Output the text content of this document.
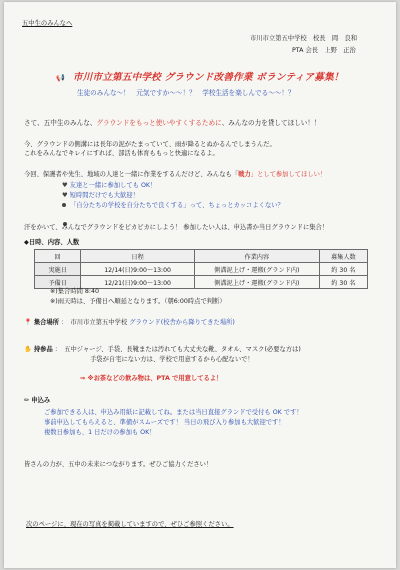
五中生のみんなへ
市川市立第五中学校　校長　岡　良和
PTA 会長　上野　正治
📢 市川市立第五中学校 グラウンド改善作業 ボランティア募集！
生徒のみんな～！　元気ですか～～！？　学校生活を楽しんでる～～！？
さて、五中生のみんな、グラウンドをもっと使いやすくするために、みんなの力を貸してほしい！！
今、グラウンドの側溝には長年の泥がたまっていて、雨が降るとぬかるんでしまうんだ。
これをみんなでキレイにすれば、部活も体育ももっと快適になるよ。
今回、保護者や先生、地域の人達と一緒に作業をするんだけど、みんなも「戦力」として参加してほしい！
♥ 友達と一緒に参加しても OK！
♥ 短時間だけでも大歓迎！
「自分たちの学校を自分たちで良くする」って、ちょっとカッコよくない？
汗をかいて、みんなでグラウンドをピカピカにしよう！ 参加したい人は、申込書か当日グラウンドに集合！
◆日時、内容、人数
回	日程	作業内容	募集人数
実施日	12/14(日)9:00～13:00	側溝泥上げ・運搬(グランド内)	約 30 名
予備日	12/21(日)9:00～13:00	側溝泥上げ・運搬(グランド内)	約 30 名
※)集合時間 8:40
※)雨天時は、予備日へ順延となります。（朝6:00時点で判断）
📍 集合場所 ：　市川市立第五中学校 グラウンド(校舎から降りてきた場所)
✋ 持参品 ：　五中ジャージ、手袋、長靴または汚れても大丈夫な靴、タオル、マスク(必要な方は)
手袋が自宅にない方は、学校で用意するから心配ないで！
⇒ ※お茶などの飲み物は、PTA で用意してるよ！
✏ 申込み
ご参加できる人は、申込み用紙に記載してね。または当日直接グランドで受付も OK です！
事前申込してもらえると、準備がスムーズです！ 当日の飛び入り参加も大歓迎です！
複数日参加も、1 日だけの参加も OK！
皆さんの力が、五中の未来につながります。ぜひご協力ください！
次のページに、現在の写真を掲載していますので、ぜひご参照ください。
